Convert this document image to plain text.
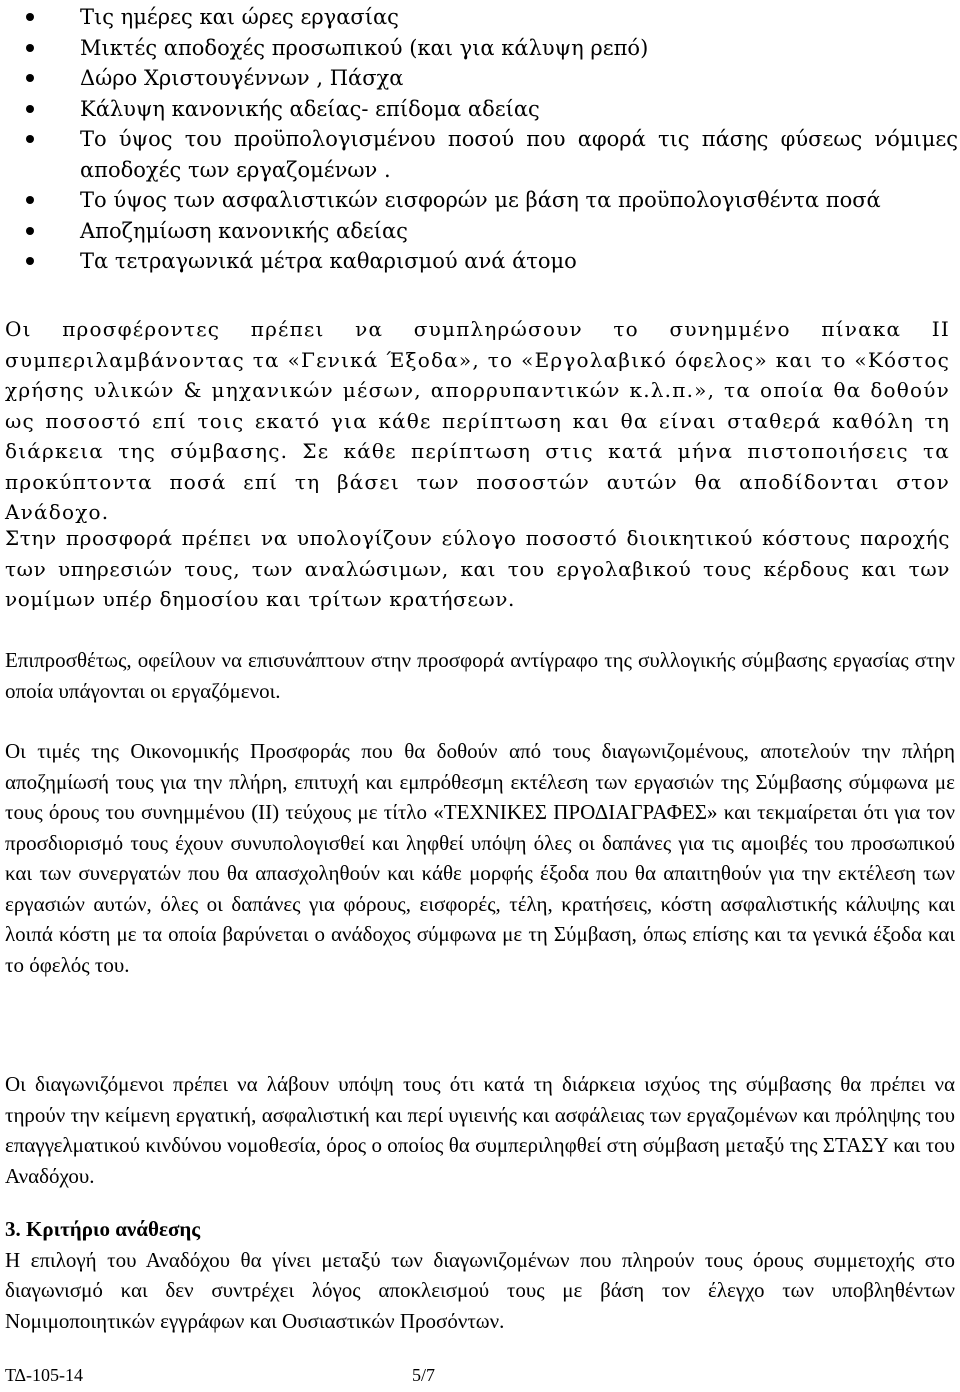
Τις ημέρες και ώρες εργασίας
Μικτές αποδοχές προσωπικού (και για κάλυψη ρεπό)
Δώρο Χριστουγέννων , Πάσχα
Κάλυψη κανονικής αδείας- επίδομα αδείας
Το ύψος του προϋπολογισμένου ποσού που αφορά τις πάσης φύσεως νόμιμες αποδοχές των εργαζομένων .
Το ύψος των ασφαλιστικών εισφορών με βάση τα προϋπολογισθέντα ποσά
Αποζημίωση κανονικής αδείας
Τα τετραγωνικά μέτρα καθαρισμού ανά άτομο

Οι προσφέροντες πρέπει να συμπληρώσουν το συνημμένο πίνακα ΙΙ συμπεριλαμβάνοντας τα «Γενικά Έξοδα», το «Εργολαβικό όφελος» και το «Κόστος χρήσης υλικών & μηχανικών μέσων, απορρυπαντικών κ.λ.π.», τα οποία θα δοθούν ως ποσοστό επί τοις εκατό για κάθε περίπτωση και θα είναι σταθερά καθόλη τη διάρκεια της σύμβασης. Σε κάθε περίπτωση στις κατά μήνα πιστοποιήσεις τα προκύπτοντα ποσά επί τη βάσει των ποσοστών αυτών θα αποδίδονται στον Ανάδοχο.

Στην προσφορά πρέπει να υπολογίζουν εύλογο ποσοστό διοικητικού κόστους παροχής των υπηρεσιών τους, των αναλώσιμων, και του εργολαβικού τους κέρδους και των νομίμων υπέρ δημοσίου και τρίτων κρατήσεων.

Επιπροσθέτως, οφείλουν να επισυνάπτουν στην προσφορά αντίγραφο της συλλογικής σύμβασης εργασίας στην οποία υπάγονται οι εργαζόμενοι.

Οι τιμές της Οικονομικής Προσφοράς που θα δοθούν από τους διαγωνιζομένους, αποτελούν την πλήρη αποζημίωσή τους για την πλήρη, επιτυχή και εμπρόθεσμη εκτέλεση των εργασιών της Σύμβασης σύμφωνα με τους όρους του συνημμένου (ΙΙ) τεύχους με τίτλο «ΤΕΧΝΙΚΕΣ ΠΡΟΔΙΑΓΡΑΦΕΣ» και τεκμαίρεται ότι για τον προσδιορισμό τους έχουν συνυπολογισθεί και ληφθεί υπόψη όλες οι δαπάνες για τις αμοιβές του προσωπικού και των συνεργατών που θα απασχοληθούν και κάθε μορφής έξοδα που θα απαιτηθούν για την εκτέλεση των εργασιών αυτών, όλες οι δαπάνες για φόρους, εισφορές, τέλη, κρατήσεις, κόστη ασφαλιστικής κάλυψης και λοιπά κόστη με τα οποία βαρύνεται ο ανάδοχος σύμφωνα με τη Σύμβαση, όπως επίσης και τα γενικά έξοδα και το όφελός του.

Οι διαγωνιζόμενοι πρέπει να λάβουν υπόψη τους ότι κατά τη διάρκεια ισχύος της σύμβασης θα πρέπει να τηρούν την κείμενη εργατική, ασφαλιστική και περί υγιεινής και ασφάλειας των εργαζομένων και πρόληψης του επαγγελματικού κινδύνου νομοθεσία, όρος ο οποίος θα συμπεριληφθεί στη σύμβαση μεταξύ της ΣΤΑΣΥ και του Αναδόχου.

3. Κριτήριο ανάθεσης
Η επιλογή του Αναδόχου θα γίνει μεταξύ των διαγωνιζομένων που πληρούν τους όρους συμμετοχής στο διαγωνισμό και δεν συντρέχει λόγος αποκλεισμού τους με βάση τον έλεγχο των υποβληθέντων Νομιμοποιητικών εγγράφων και Ουσιαστικών Προσόντων.
ΤΔ-105-14	5/7
